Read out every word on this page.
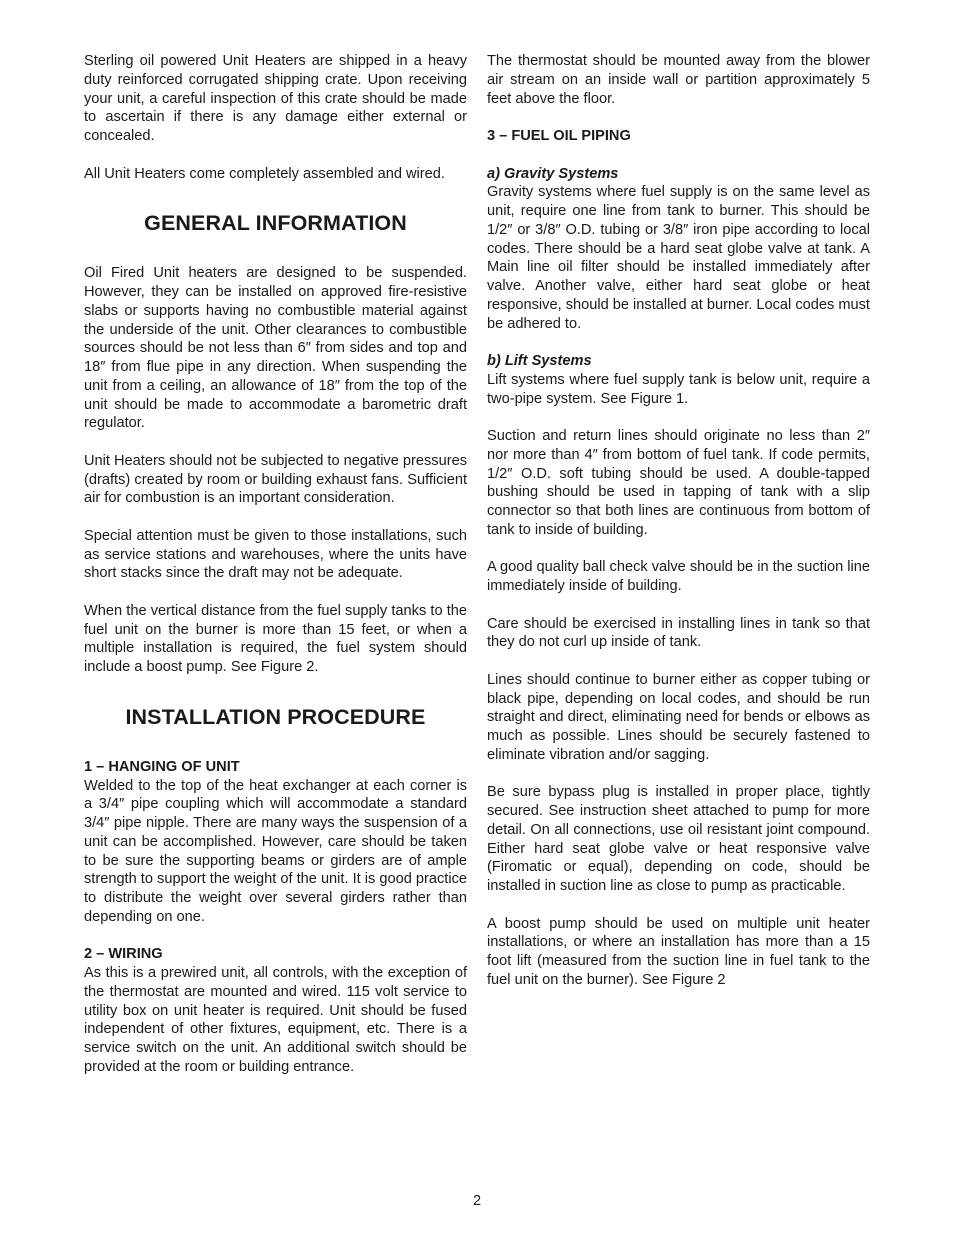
Sterling oil powered Unit Heaters are shipped in a heavy duty reinforced corrugated shipping crate. Upon receiving your unit, a careful inspection of this crate should be made to ascertain if there is any damage either external or concealed.

All Unit Heaters come completely assembled and wired.

GENERAL INFORMATION

Oil Fired Unit heaters are designed to be suspended. However, they can be installed on approved fire-resistive slabs or supports having no combustible material against the underside of the unit. Other clearances to combustible sources should be not less than 6″ from sides and top and 18″ from flue pipe in any direction. When suspending the unit from a ceiling, an allowance of 18″ from the top of the unit should be made to accommodate a barometric draft regulator.

Unit Heaters should not be subjected to negative pressures (drafts) created by room or building exhaust fans. Sufficient air for combustion is an important consideration.

Special attention must be given to those installations, such as service stations and warehouses, where the units have short stacks since the draft may not be adequate.

When the vertical distance from the fuel supply tanks to the fuel unit on the burner is more than 15 feet, or when a multiple installation is required, the fuel system should include a boost pump. See Figure 2.

INSTALLATION PROCEDURE
1 – HANGING OF UNIT

Welded to the top of the heat exchanger at each corner is a 3/4″ pipe coupling which will accommodate a standard 3/4″ pipe nipple. There are many ways the suspension of a unit can be accomplished. However, care should be taken to be sure the supporting beams or girders are of ample strength to support the weight of the unit. It is good practice to distribute the weight over several girders rather than depending on one.

2 – WIRING

As this is a prewired unit, all controls, with the exception of the thermostat are mounted and wired. 115 volt service to utility box on unit heater is required. Unit should be fused independent of other fixtures, equipment, etc. There is a service switch on the unit. An additional switch should be provided at the room or building entrance.

The thermostat should be mounted away from the blower air stream on an inside wall or partition approximately 5 feet above the floor.

3 – FUEL OIL PIPING
a) Gravity Systems

Gravity systems where fuel supply is on the same level as unit, require one line from tank to burner. This should be 1/2″ or 3/8″ O.D. tubing or 3/8″ iron pipe according to local codes. There should be a hard seat globe valve at tank. A Main line oil filter should be installed immediately after valve. Another valve, either hard seat globe or heat responsive, should be installed at burner. Local codes must be adhered to.

b) Lift Systems

Lift systems where fuel supply tank is below unit, require a two-pipe system. See Figure 1.

Suction and return lines should originate no less than 2″ nor more than 4″ from bottom of fuel tank. If code permits, 1/2″ O.D. soft tubing should be used. A double-tapped bushing should be used in tapping of tank with a slip connector so that both lines are continuous from bottom of tank to inside of building.

A good quality ball check valve should be in the suction line immediately inside of building.

Care should be exercised in installing lines in tank so that they do not curl up inside of tank.

Lines should continue to burner either as copper tubing or black pipe, depending on local codes, and should be run straight and direct, eliminating need for bends or elbows as much as possible. Lines should be securely fastened to eliminate vibration and/or sagging.

Be sure bypass plug is installed in proper place, tightly secured. See instruction sheet attached to pump for more detail. On all connections, use oil resistant joint compound. Either hard seat globe valve or heat responsive valve (Firomatic or equal), depending on code, should be installed in suction line as close to pump as practicable.

A boost pump should be used on multiple unit heater installations, or where an installation has more than a 15 foot lift (measured from the suction line in fuel tank to the fuel unit on the burner). See Figure 2

2
